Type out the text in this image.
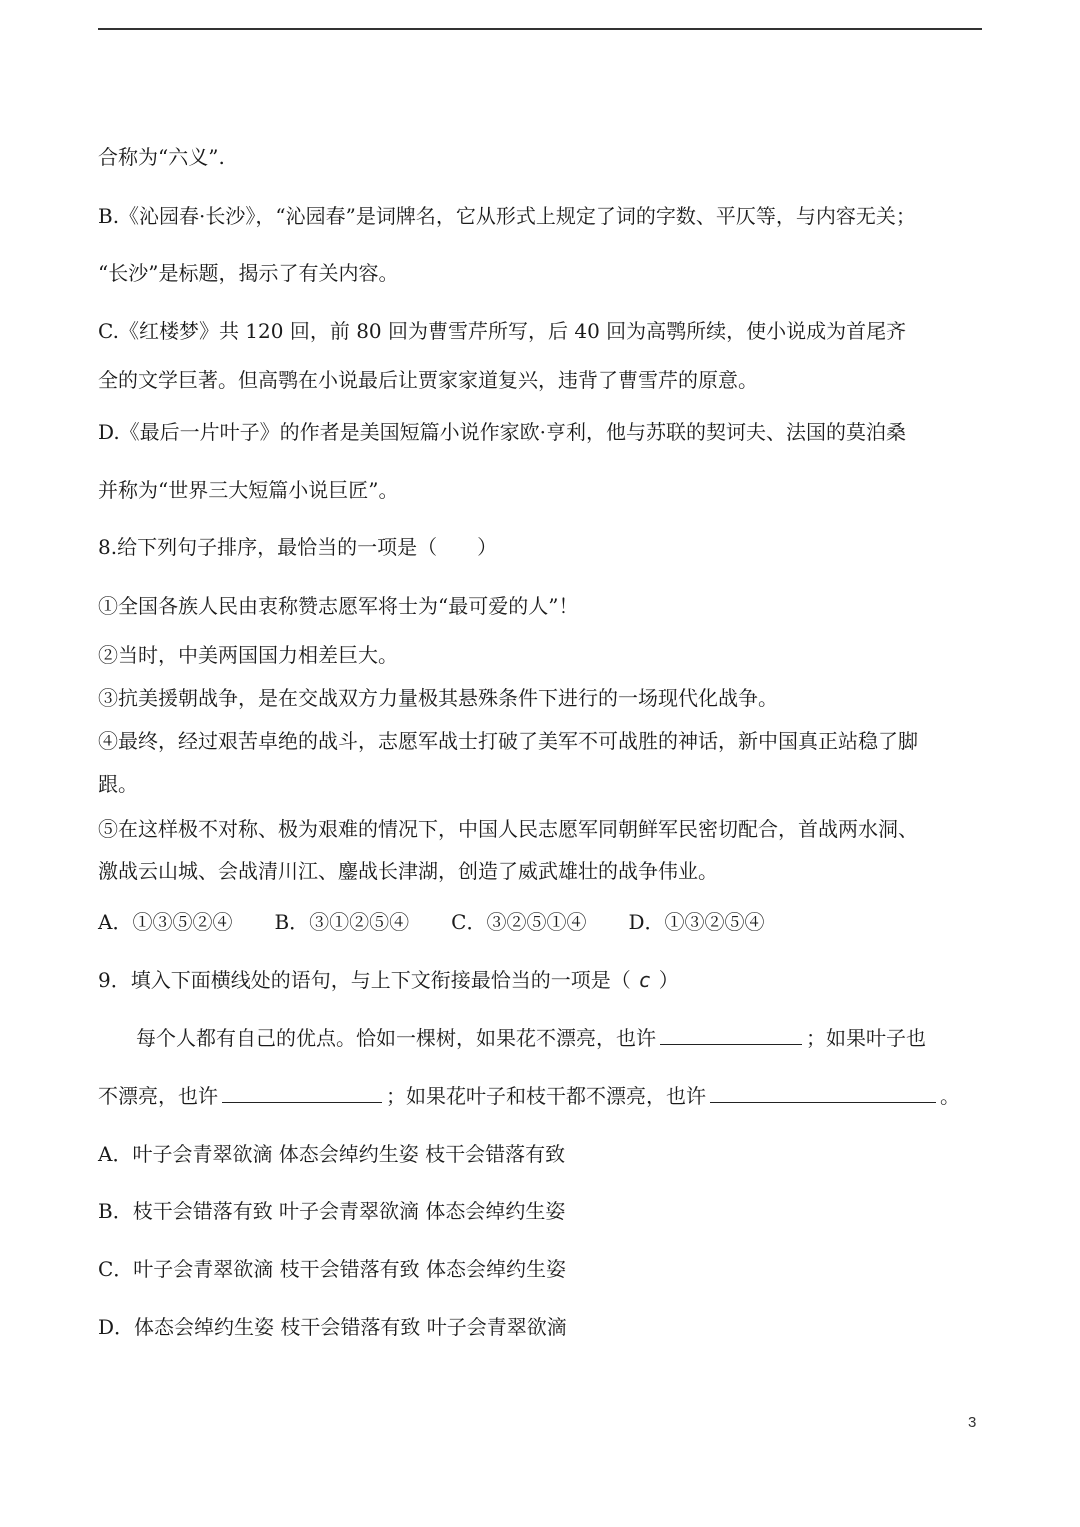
合称为“六义”.
B.《沁园春·长沙》，“沁园春”是词牌名，它从形式上规定了词的字数、平仄等，与内容无关；
“长沙”是标题，揭示了有关内容。
C.《红楼梦》共 120 回，前 80 回为曹雪芹所写，后 40 回为高鹗所续，使小说成为首尾齐
全的文学巨著。但高鹗在小说最后让贾家家道复兴，违背了曹雪芹的原意。
D.《最后一片叶子》的作者是美国短篇小说作家欧·亨利，他与苏联的契诃夫、法国的莫泊桑
并称为“世界三大短篇小说巨匠”。
8.给下列句子排序，最恰当的一项是（　　）
①全国各族人民由衷称赞志愿军将士为“最可爱的人”！
②当时，中美两国国力相差巨大。
③抗美援朝战争，是在交战双方力量极其悬殊条件下进行的一场现代化战争。
④最终，经过艰苦卓绝的战斗，志愿军战士打破了美军不可战胜的神话，新中国真正站稳了脚
跟。
⑤在这样极不对称、极为艰难的情况下，中国人民志愿军同朝鲜军民密切配合，首战两水洞、
激战云山城、会战清川江、鏖战长津湖，创造了威武雄壮的战争伟业。
A．①③⑤②④ B．③①②⑤④ C．③②⑤①④ D．①③②⑤④
9．填入下面横线处的语句，与上下文衔接最恰当的一项是（ c ）
每个人都有自己的优点。恰如一棵树，如果花不漂亮，也许	；如果叶子也
不漂亮，也许	；如果花叶子和枝干都不漂亮，也许	。
A．叶子会青翠欲滴 体态会绰约生姿 枝干会错落有致
B．枝干会错落有致 叶子会青翠欲滴 体态会绰约生姿
C．叶子会青翠欲滴 枝干会错落有致 体态会绰约生姿
D．体态会绰约生姿 枝干会错落有致 叶子会青翠欲滴
3
